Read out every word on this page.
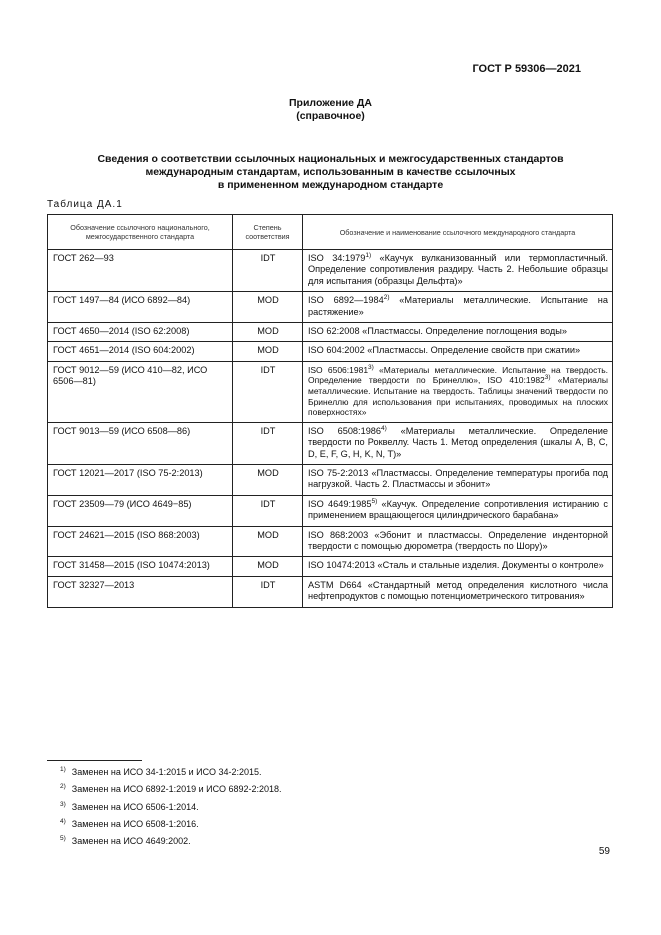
ГОСТ Р 59306—2021
Приложение ДА
(справочное)
Сведения о соответствии ссылочных национальных и межгосударственных стандартов
международным стандартам, использованным в качестве ссылочных
в примененном международном стандарте
Таблица ДА.1
Обозначение ссылочного национального, межгосударственного стандарта	Степень соответствия	Обозначение и наименование ссылочного международного стандарта
ГОСТ 262—93	IDT	ISO 34:1979$^{1)}$ «Каучук вулканизованный или термопластичный. Определение сопротивления раздиру. Часть 2. Небольшие образцы для испытания (образцы Дельфта)»
ГОСТ 1497—84 (ИСО 6892—84)	MOD	ISO 6892—1984$^{2)}$ «Материалы металлические. Испытание на растяжение»
ГОСТ 4650—2014 (ISO 62:2008)	MOD	ISO 62:2008 «Пластмассы. Определение поглощения воды»
ГОСТ 4651—2014 (ISO 604:2002)	MOD	ISO 604:2002 «Пластмассы. Определение свойств при сжатии»
ГОСТ 9012—59 (ИСО 410—82, ИСО 6506—81)	IDT	ISO 6506:1981$^{3)}$ «Материалы металлические. Испытание на твердость. Определение твердости по Бринеллю», ISO 410:1982$^{3)}$ «Материалы металлические. Испытание на твердость. Таблицы значений твердости по Бринеллю для использования при испытаниях, проводимых на плоских поверхностях»
ГОСТ 9013—59 (ИСО 6508—86)	IDT	ISO 6508:1986$^{4)}$ «Материалы металлические. Определение твердости по Роквеллу. Часть 1. Метод определения (шкалы A, B, C, D, E, F, G, H, K, N, T)»
ГОСТ 12021—2017 (ISO 75-2:2013)	MOD	ISO 75-2:2013 «Пластмассы. Определение температуры прогиба под нагрузкой. Часть 2. Пластмассы и эбонит»
ГОСТ 23509—79 (ИСО 4649−85)	IDT	ISO 4649:1985$^{5)}$ «Каучук. Определение сопротивления истиранию с применением вращающегося цилиндрического барабана»
ГОСТ 24621—2015 (ISO 868:2003)	MOD	ISO 868:2003 «Эбонит и пластмассы. Определение инденторной твердости с помощью дюрометра (твердость по Шору)»
ГОСТ 31458—2015 (ISO 10474:2013)	MOD	ISO 10474:2013 «Сталь и стальные изделия. Документы о контроле»
ГОСТ 32327—2013	IDT	ASTM D664 «Стандартный метод определения кислотного числа нефтепродуктов с помощью потенциометрического титрования»
$^{1)}$ Заменен на ИСО 34-1:2015 и ИСО 34-2:2015.
$^{2)}$ Заменен на ИСО 6892-1:2019 и ИСО 6892-2:2018.
$^{3)}$ Заменен на ИСО 6506-1:2014.
$^{4)}$ Заменен на ИСО 6508-1:2016.
$^{5)}$ Заменен на ИСО 4649:2002.
59
